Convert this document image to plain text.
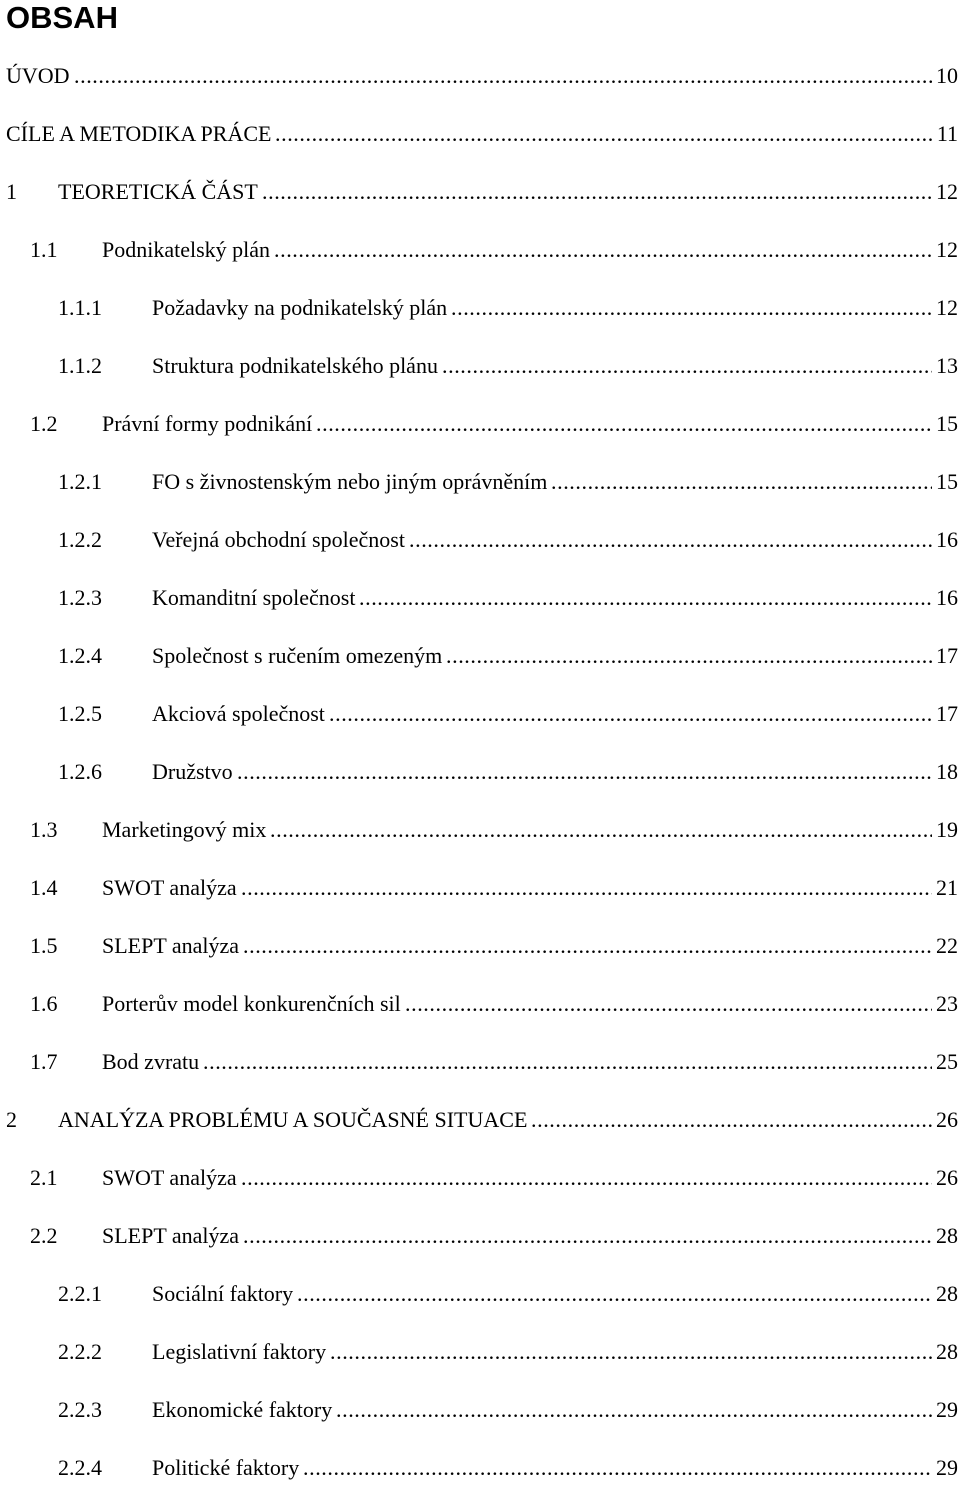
OBSAH
ÚVOD	10
.....
CÍLE A METODIKA PRÁCE	11
.....
1 TEORETICKÁ ČÁST	12
.....
1.1 Podnikatelský plán	12
.....
1.1.1 Požadavky na podnikatelský plán	12
.....
1.1.2 Struktura podnikatelského plánu	13
.....
1.2 Právní formy podnikání	15
.....
1.2.1 FO s živnostenským nebo jiným oprávněním	15
.....
1.2.2 Veřejná obchodní společnost	16
.....
1.2.3 Komanditní společnost	16
.....
1.2.4 Společnost s ručením omezeným	17
.....
1.2.5 Akciová společnost	17
.....
1.2.6 Družstvo	18
.....
1.3 Marketingový mix	19
.....
1.4 SWOT analýza	21
.....
1.5 SLEPT analýza	22
.....
1.6 Porterův model konkurenčních sil	23
.....
1.7 Bod zvratu	25
.....
2 ANALÝZA PROBLÉMU A SOUČASNÉ SITUACE	26
.....
2.1 SWOT analýza	26
.....
2.2 SLEPT analýza	28
.....
2.2.1 Sociální faktory	28
.....
2.2.2 Legislativní faktory	28
.....
2.2.3 Ekonomické faktory	29
.....
2.2.4 Politické faktory	29
.....
